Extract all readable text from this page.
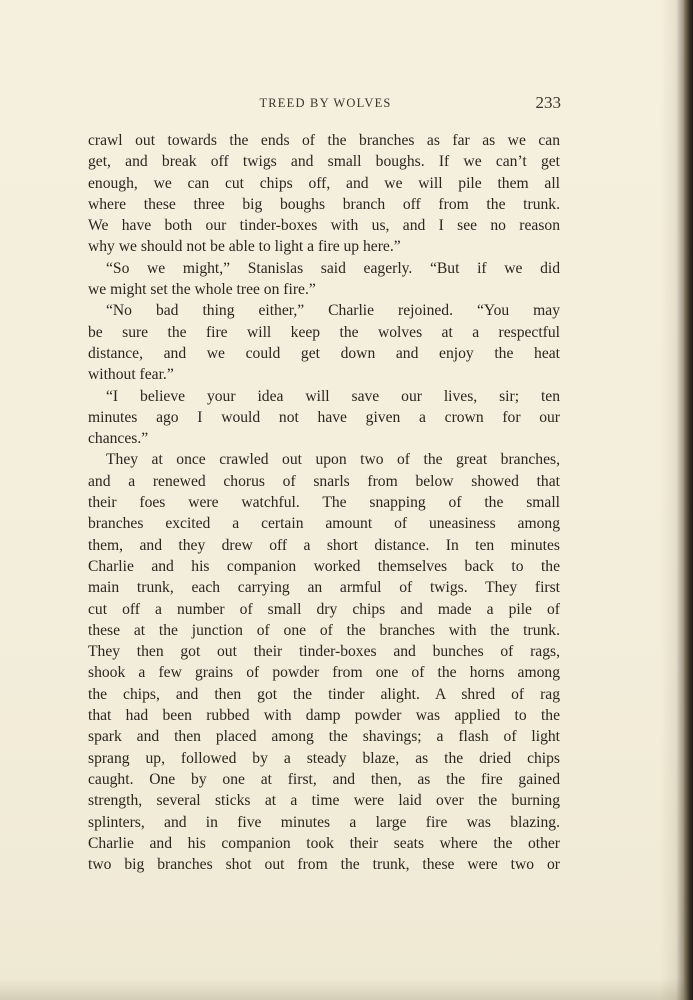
TREED BY WOLVES	233
crawl out towards the ends of the branches as far as we can
get, and break off twigs and small boughs. If we can’t get
enough, we can cut chips off, and we will pile them all
where these three big boughs branch off from the trunk.
We have both our tinder-boxes with us, and I see no reason
why we should not be able to light a fire up here.”
“So we might,” Stanislas said eagerly. “But if we did
we might set the whole tree on fire.”
“No bad thing either,” Charlie rejoined. “You may
be sure the fire will keep the wolves at a respectful
distance, and we could get down and enjoy the heat
without fear.”
“I believe your idea will save our lives, sir; ten
minutes ago I would not have given a crown for our
chances.”
They at once crawled out upon two of the great branches,
and a renewed chorus of snarls from below showed that
their foes were watchful. The snapping of the small
branches excited a certain amount of uneasiness among
them, and they drew off a short distance. In ten minutes
Charlie and his companion worked themselves back to the
main trunk, each carrying an armful of twigs. They first
cut off a number of small dry chips and made a pile of
these at the junction of one of the branches with the trunk.
They then got out their tinder-boxes and bunches of rags,
shook a few grains of powder from one of the horns among
the chips, and then got the tinder alight. A shred of rag
that had been rubbed with damp powder was applied to the
spark and then placed among the shavings; a flash of light
sprang up, followed by a steady blaze, as the dried chips
caught. One by one at first, and then, as the fire gained
strength, several sticks at a time were laid over the burning
splinters, and in five minutes a large fire was blazing.
Charlie and his companion took their seats where the other
two big branches shot out from the trunk, these were two or
